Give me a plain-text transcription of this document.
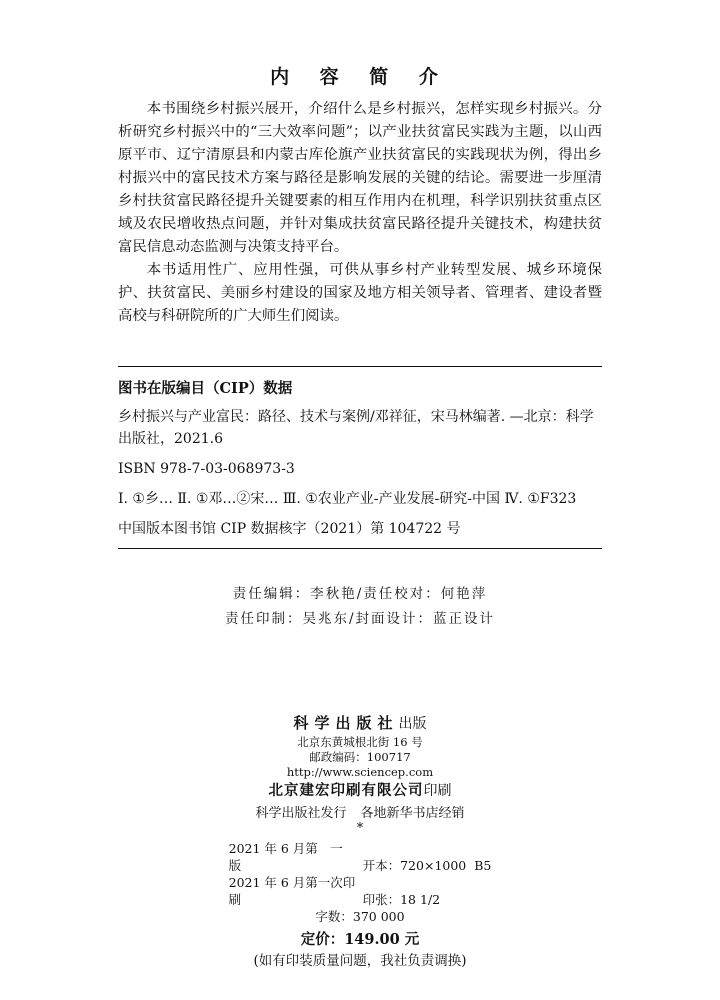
内 容 简 介

本书围绕乡村振兴展开，介绍什么是乡村振兴，怎样实现乡村振兴。分析研究乡村振兴中的“三大效率问题”；以产业扶贫富民实践为主题，以山西原平市、辽宁清原县和内蒙古库伦旗产业扶贫富民的实践现状为例，得出乡村振兴中的富民技术方案与路径是影响发展的关键的结论。需要进一步厘清乡村扶贫富民路径提升关键要素的相互作用内在机理，科学识别扶贫重点区域及农民增收热点问题，并针对集成扶贫富民路径提升关键技术，构建扶贫富民信息动态监测与决策支持平台。

本书适用性广、应用性强，可供从事乡村产业转型发展、城乡环境保护、扶贫富民、美丽乡村建设的国家及地方相关领导者、管理者、建设者暨高校与科研院所的广大师生们阅读。

图书在版编目（CIP）数据
乡村振兴与产业富民：路径、技术与案例/邓祥征，宋马林编著. —北京：科学出版社，2021.6
ISBN 978-7-03-068973-3
Ⅰ. ①乡… Ⅱ. ①邓…②宋… Ⅲ. ①农业产业-产业发展-研究-中国 Ⅳ. ①F323
中国版本图书馆 CIP 数据核字（2021）第 104722 号
责任编辑：李秋艳/责任校对：何艳萍
责任印制：吴兆东/封面设计：蓝正设计
科学出版社出版
北京东黄城根北街 16 号
邮政编码：100717
http://www.sciencep.com
北京建宏印刷有限公司印刷
科学出版社发行 各地新华书店经销
*
2021 年 6 月第　一　版	开本：720×1000 B5
2021 年 6 月第一次印刷	印张：18 1/2
字数：370 000
定价：149.00 元
(如有印装质量问题，我社负责调换)
